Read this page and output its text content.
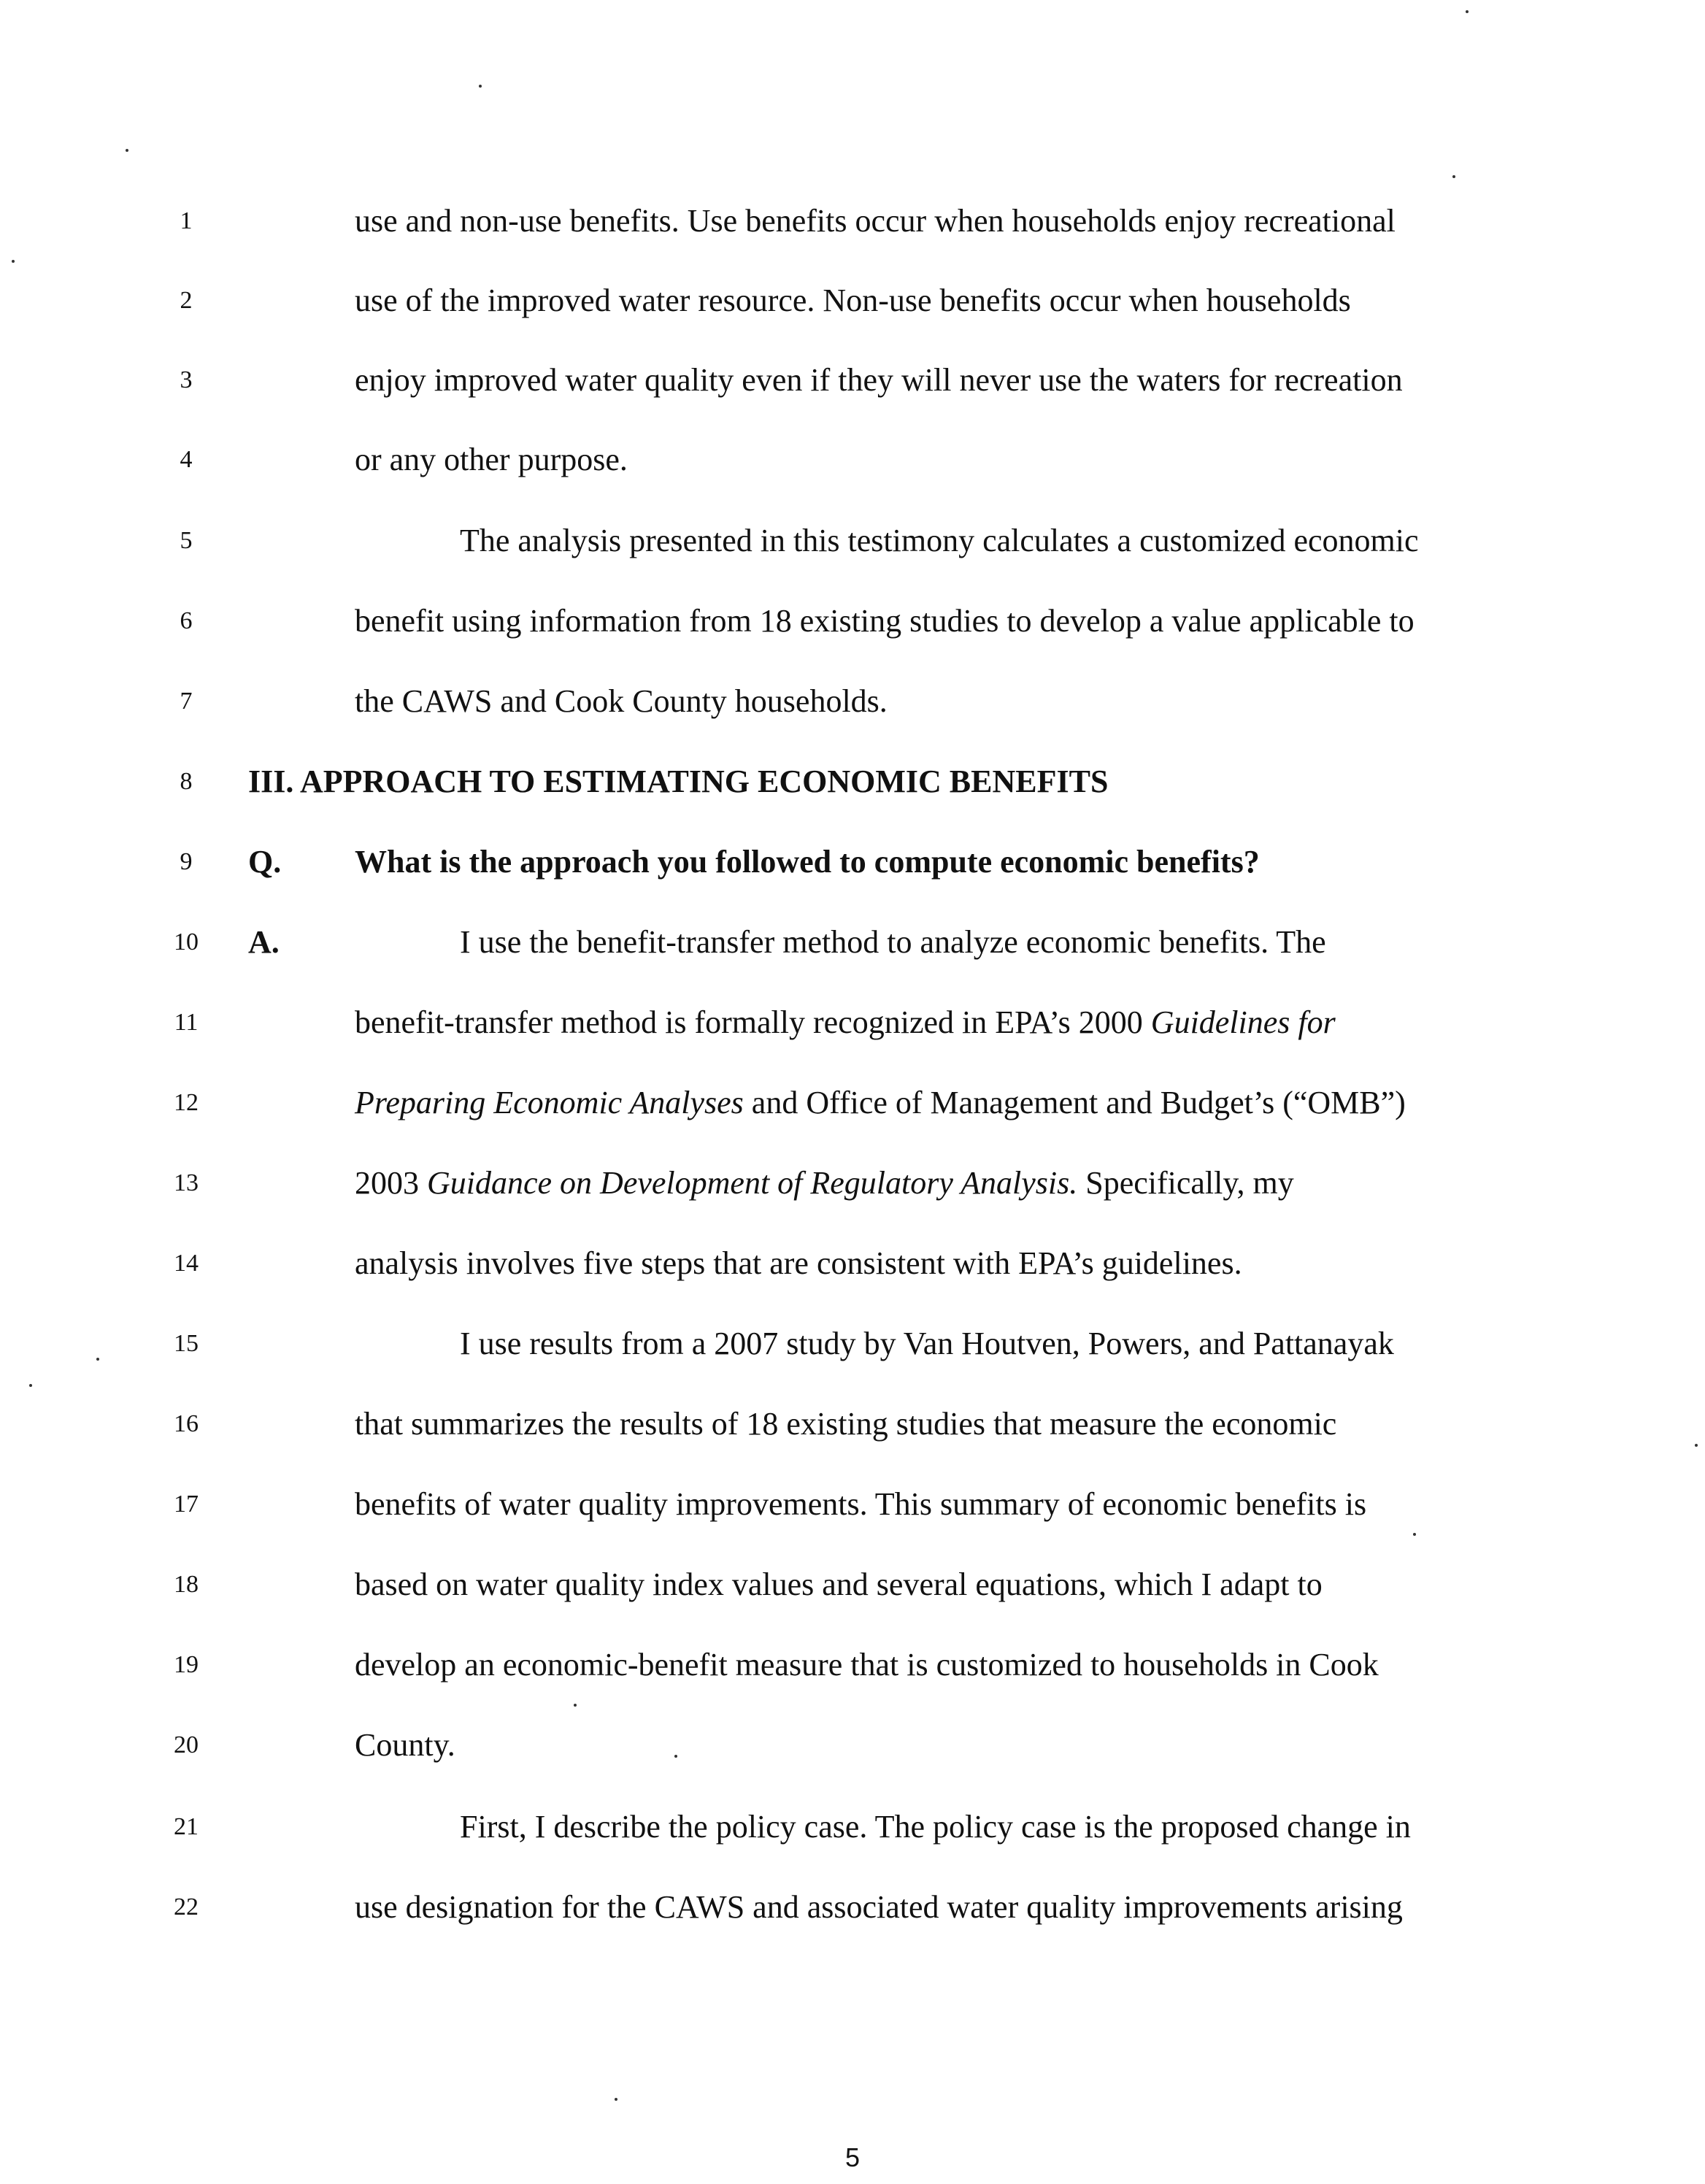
1	use and non-use benefits. Use benefits occur when households enjoy recreational
2	use of the improved water resource. Non-use benefits occur when households
3	enjoy improved water quality even if they will never use the waters for recreation
4	or any other purpose.
5	The analysis presented in this testimony calculates a customized economic
6	benefit using information from 18 existing studies to develop a value applicable to
7	the CAWS and Cook County households.
8	III. APPROACH TO ESTIMATING ECONOMIC BENEFITS
9	Q. What is the approach you followed to compute economic benefits?
10	A.	I use the benefit-transfer method to analyze economic benefits. The
11	benefit-transfer method is formally recognized in EPA’s 2000 Guidelines for
12	Preparing Economic Analyses and Office of Management and Budget’s (“OMB”)
13	2003 Guidance on Development of Regulatory Analysis. Specifically, my
14	analysis involves five steps that are consistent with EPA’s guidelines.
15	I use results from a 2007 study by Van Houtven, Powers, and Pattanayak
16	that summarizes the results of 18 existing studies that measure the economic
17	benefits of water quality improvements. This summary of economic benefits is
18	based on water quality index values and several equations, which I adapt to
19	develop an economic-benefit measure that is customized to households in Cook
20	County.
21	First, I describe the policy case. The policy case is the proposed change in
22	use designation for the CAWS and associated water quality improvements arising
5
